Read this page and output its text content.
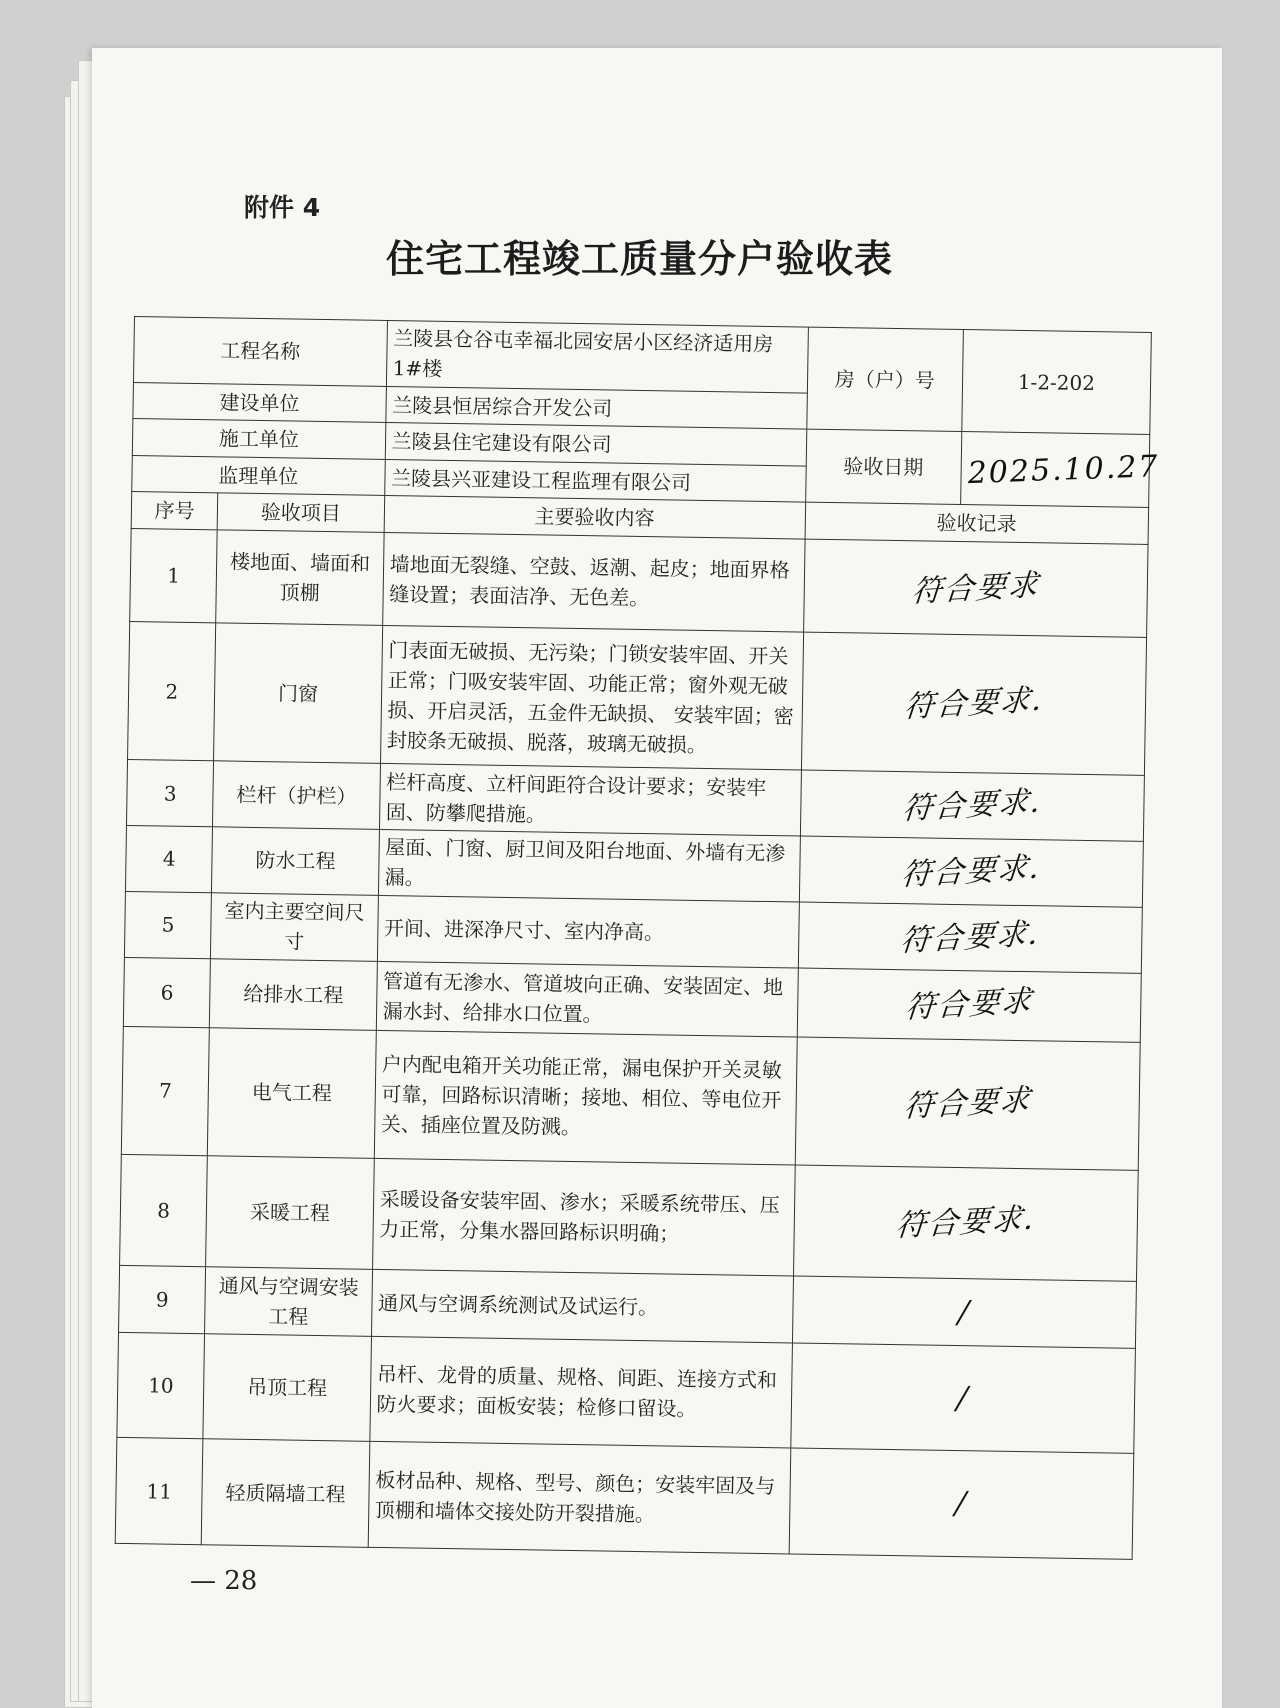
附件 4
住宅工程竣工质量分户验收表
工程名称		兰陵县仓谷屯幸福北园安居小区经济适用房1#楼	房（户）号	1-2-202
建设单位		兰陵县恒居综合开发公司		
施工单位		兰陵县住宅建设有限公司	验收日期	2025.10.27
监理单位		兰陵县兴亚建设工程监理有限公司		
序号	验收项目	主要验收内容	验收记录	
1	楼地面、墙面和顶棚	墙地面无裂缝、空鼓、返潮、起皮；地面界格缝设置；表面洁净、无色差。	符合要求	
2	门窗	门表面无破损、无污染；门锁安装牢固、开关正常；门吸安装牢固、功能正常；窗外观无破损、开启灵活，五金件无缺损、 安装牢固；密封胶条无破损、脱落，玻璃无破损。	符合要求.	
3	栏杆（护栏）	栏杆高度、立杆间距符合设计要求；安装牢固、防攀爬措施。	符合要求.	
4	防水工程	屋面、门窗、厨卫间及阳台地面、外墙有无渗漏。	符合要求.	
5	室内主要空间尺寸	开间、进深净尺寸、室内净高。	符合要求.	
6	给排水工程	管道有无渗水、管道坡向正确、安装固定、地漏水封、给排水口位置。	符合要求	
7	电气工程	户内配电箱开关功能正常，漏电保护开关灵敏可靠，回路标识清晰；接地、相位、等电位开关、插座位置及防溅。	符合要求	
8	采暖工程	采暖设备安装牢固、渗水；采暖系统带压、压力正常，分集水器回路标识明确；	符合要求.	
9	通风与空调安装工程	通风与空调系统测试及试运行。	/	
10	吊顶工程	吊杆、龙骨的质量、规格、间距、连接方式和防火要求；面板安装；检修口留设。	/	
11	轻质隔墙工程	板材品种、规格、型号、颜色；安装牢固及与顶棚和墙体交接处防开裂措施。	/	
— 28
